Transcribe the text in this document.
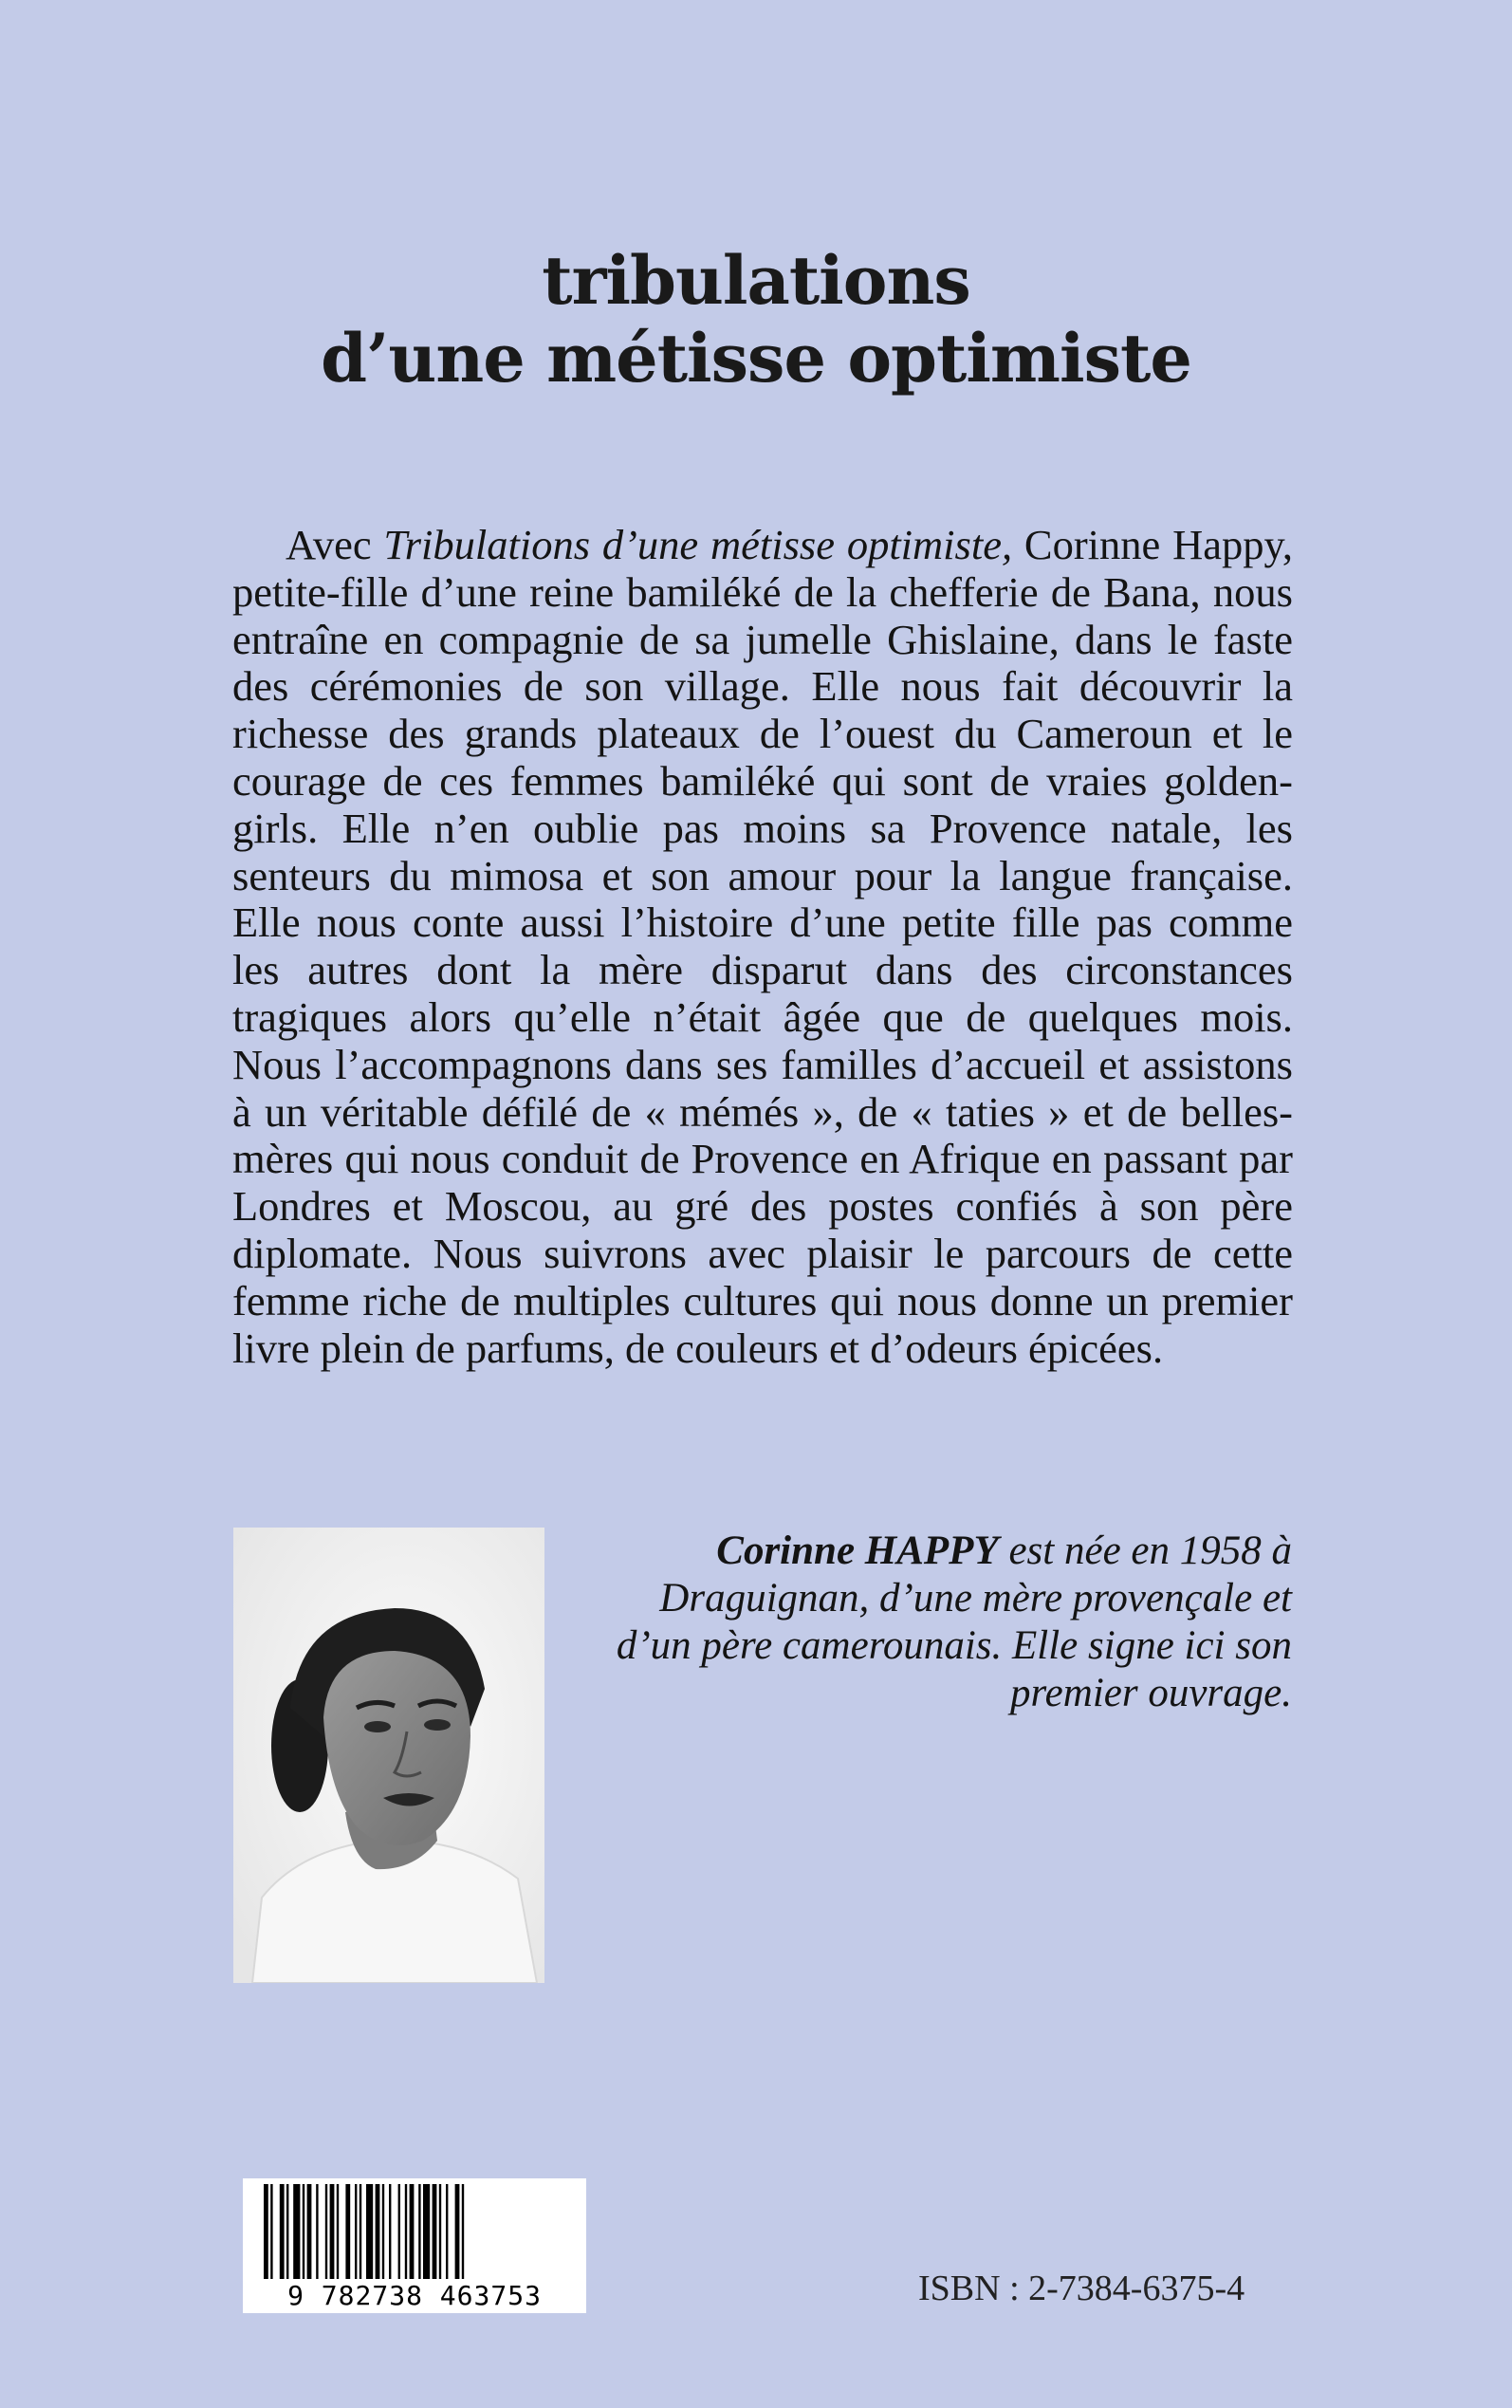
tribulations
d’une métisse optimiste

Avec Tribulations d’une métisse optimiste, Corinne Happy, petite-fille d’une reine bamiléké de la chefferie de Bana, nous entraîne en compagnie de sa jumelle Ghislaine, dans le faste des cérémonies de son village. Elle nous fait découvrir la richesse des grands plateaux de l’ouest du Cameroun et le courage de ces femmes bamiléké qui sont de vraies golden-girls. Elle n’en oublie pas moins sa Provence natale, les senteurs du mimosa et son amour pour la langue française. Elle nous conte aussi l’histoire d’une petite fille pas comme les autres dont la mère disparut dans des circonstances tragiques alors qu’elle n’était âgée que de quelques mois. Nous l’accompagnons dans ses familles d’accueil et assistons à un véritable défilé de « mémés », de « taties » et de belles-mères qui nous conduit de Provence en Afrique en passant par Londres et Moscou, au gré des postes confiés à son père diplomate. Nous suivrons avec plaisir le parcours de cette femme riche de multiples cultures qui nous donne un premier livre plein de parfums, de couleurs et d’odeurs épicées.

Corinne HAPPY est née en 1958 à Draguignan, d’une mère provençale et d’un père camerounais. Elle signe ici son premier ouvrage.

9 782738 463753	ISBN : 2-7384-6375-4
